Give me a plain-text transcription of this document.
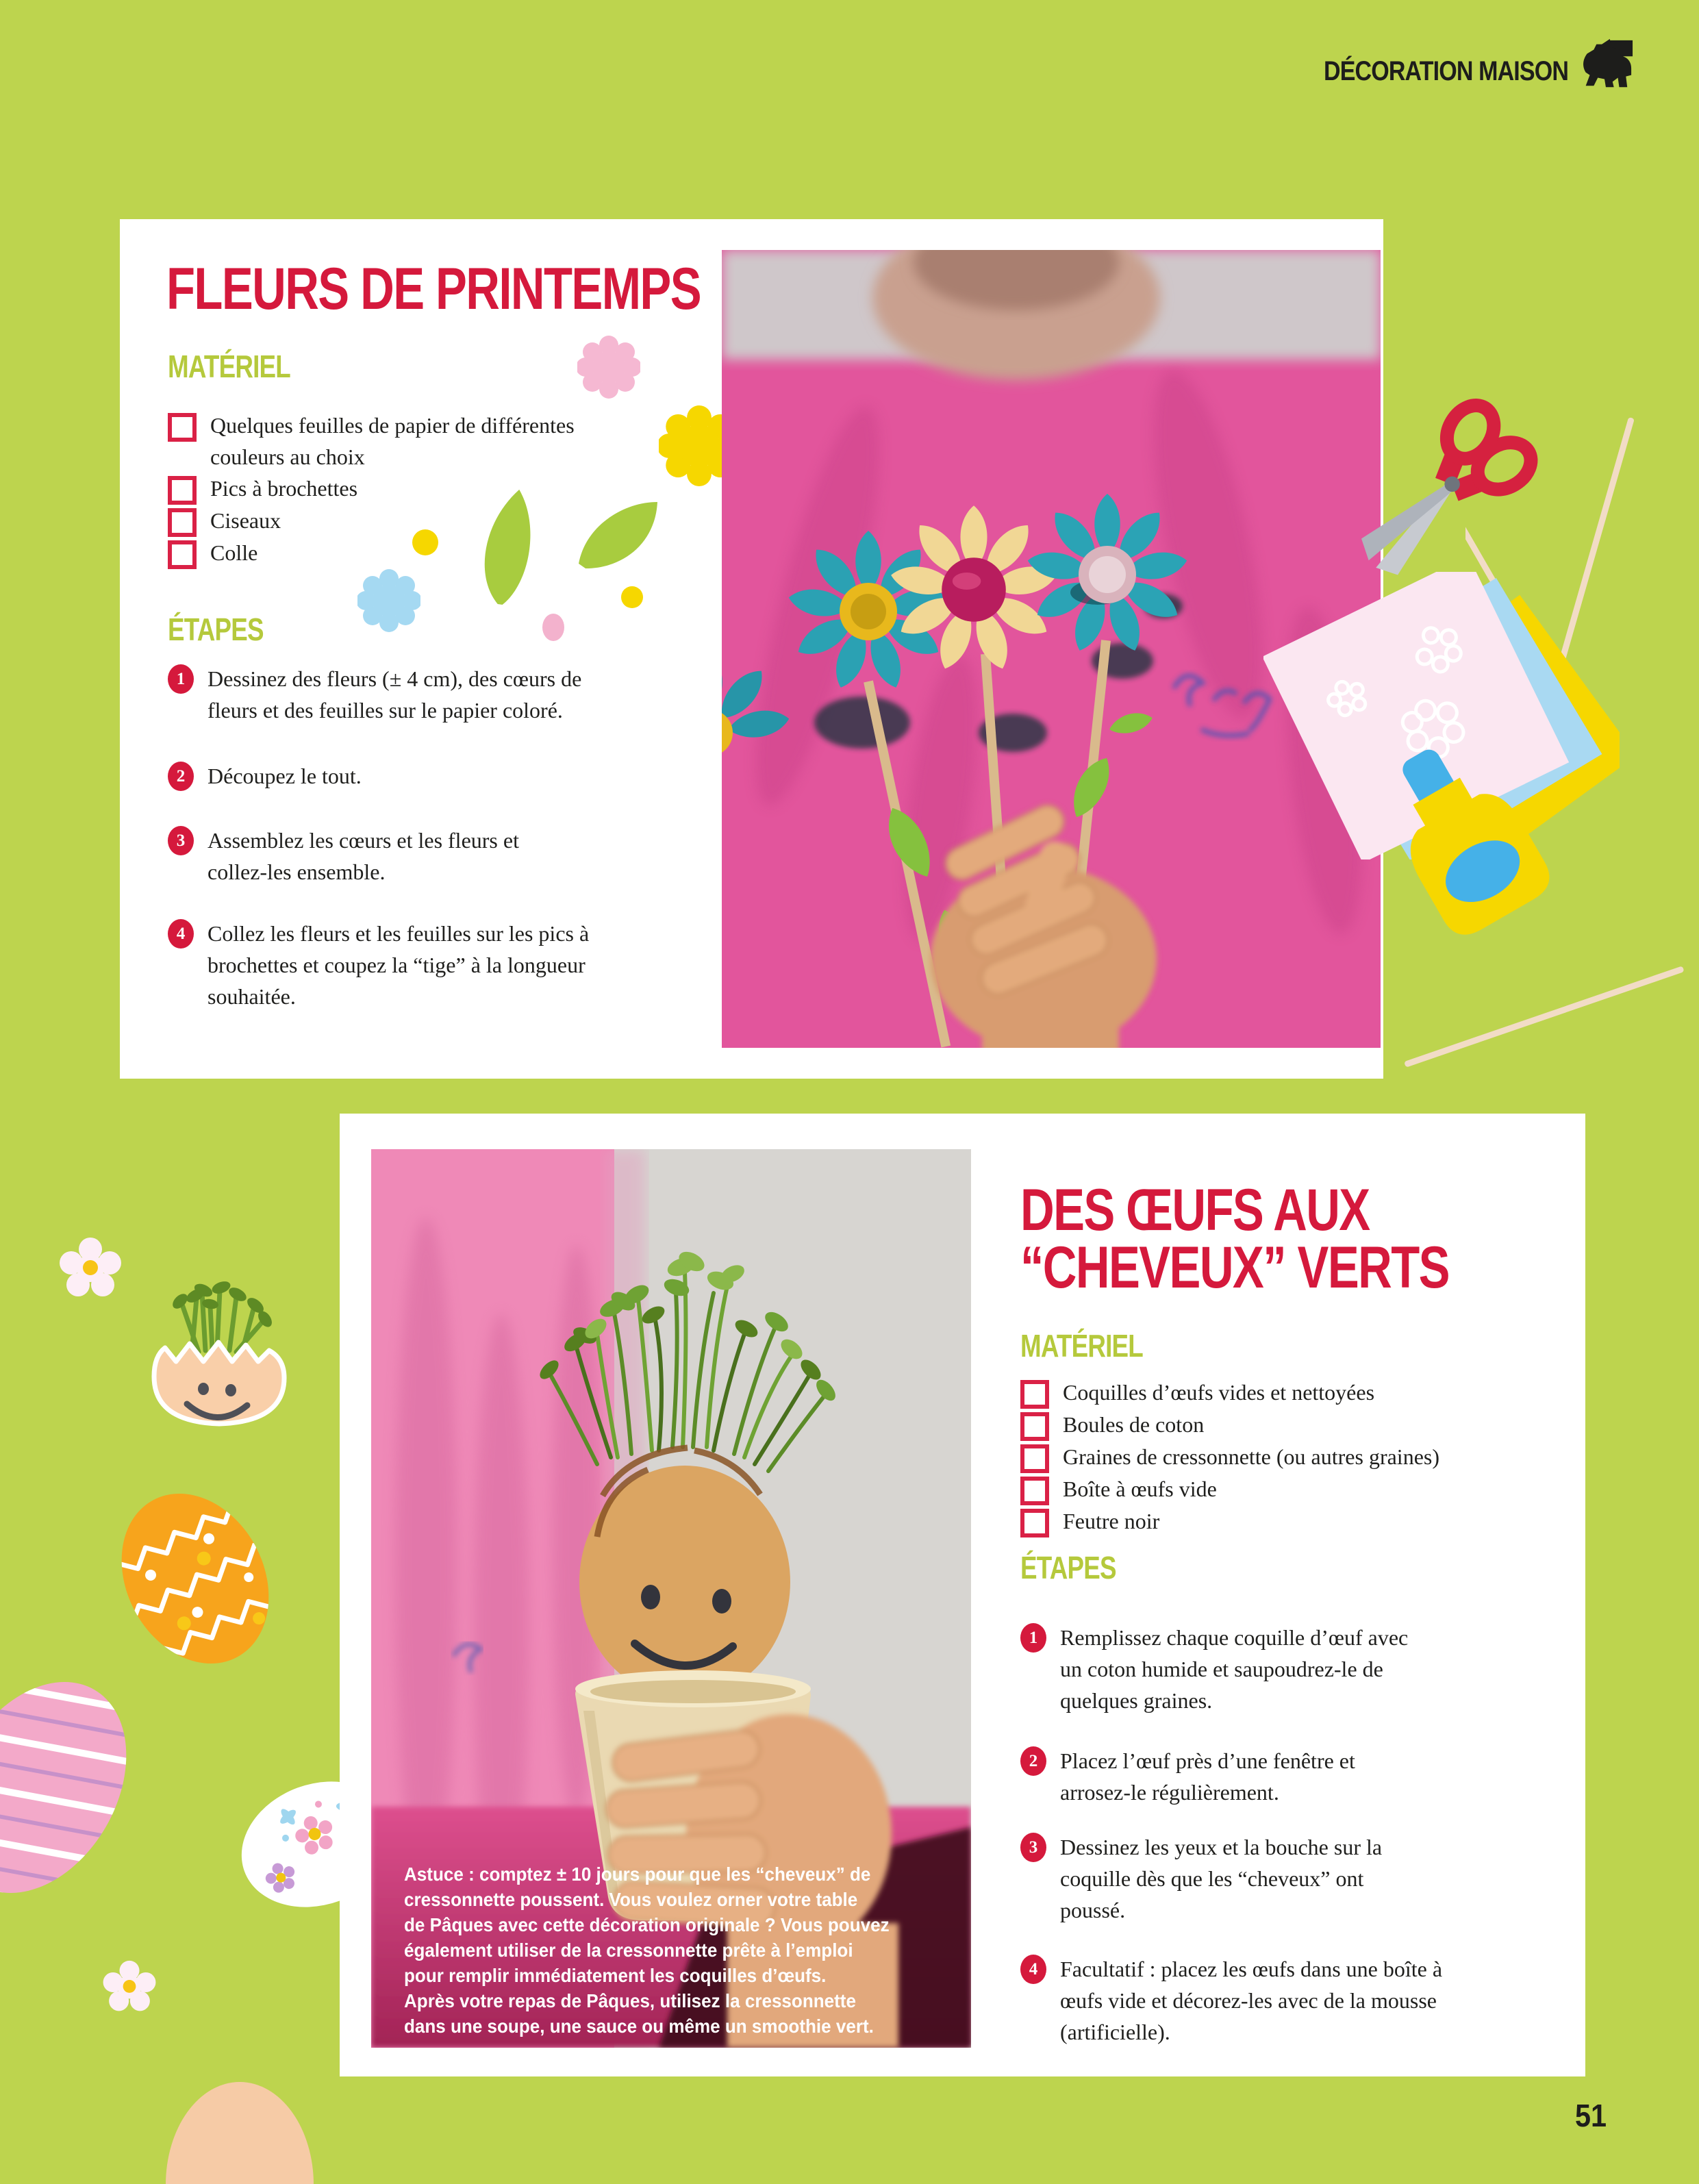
DÉCORATION MAISON
FLEURS DE PRINTEMPS
MATÉRIEL
Quelques feuilles de papier de différentes couleurs au choix
Pics à brochettes
Ciseaux
Colle
ÉTAPES
1	Dessinez des fleurs (± 4 cm), des cœurs de fleurs et des feuilles sur le papier coloré.
2	Découpez le tout.
3	Assemblez les cœurs et les fleurs et collez-les ensemble.
4	Collez les fleurs et les feuilles sur les pics à brochettes et coupez la “tige” à la longueur souhaitée.
Astuce : comptez ± 10 jours pour que les “cheveux” de
cressonnette poussent. Vous voulez orner votre table
de Pâques avec cette décoration originale ? Vous pouvez
également utiliser de la cressonnette prête à l’emploi
pour remplir immédiatement les coquilles d’œufs.
Après votre repas de Pâques, utilisez la cressonnette
dans une soupe, une sauce ou même un smoothie vert.
DES ŒUFS AUX
“CHEVEUX” VERTS
MATÉRIEL
Coquilles d’œufs vides et nettoyées
Boules de coton
Graines de cressonnette (ou autres graines)
Boîte à œufs vide
Feutre noir
ÉTAPES
1	Remplissez chaque coquille d’œuf avec un coton humide et saupoudrez-le de quelques graines.
2	Placez l’œuf près d’une fenêtre et arrosez-le régulièrement.
3	Dessinez les yeux et la bouche sur la coquille dès que les “cheveux” ont poussé.
4	Facultatif : placez les œufs dans une boîte à œufs vide et décorez-les avec de la mousse (artificielle).
51
